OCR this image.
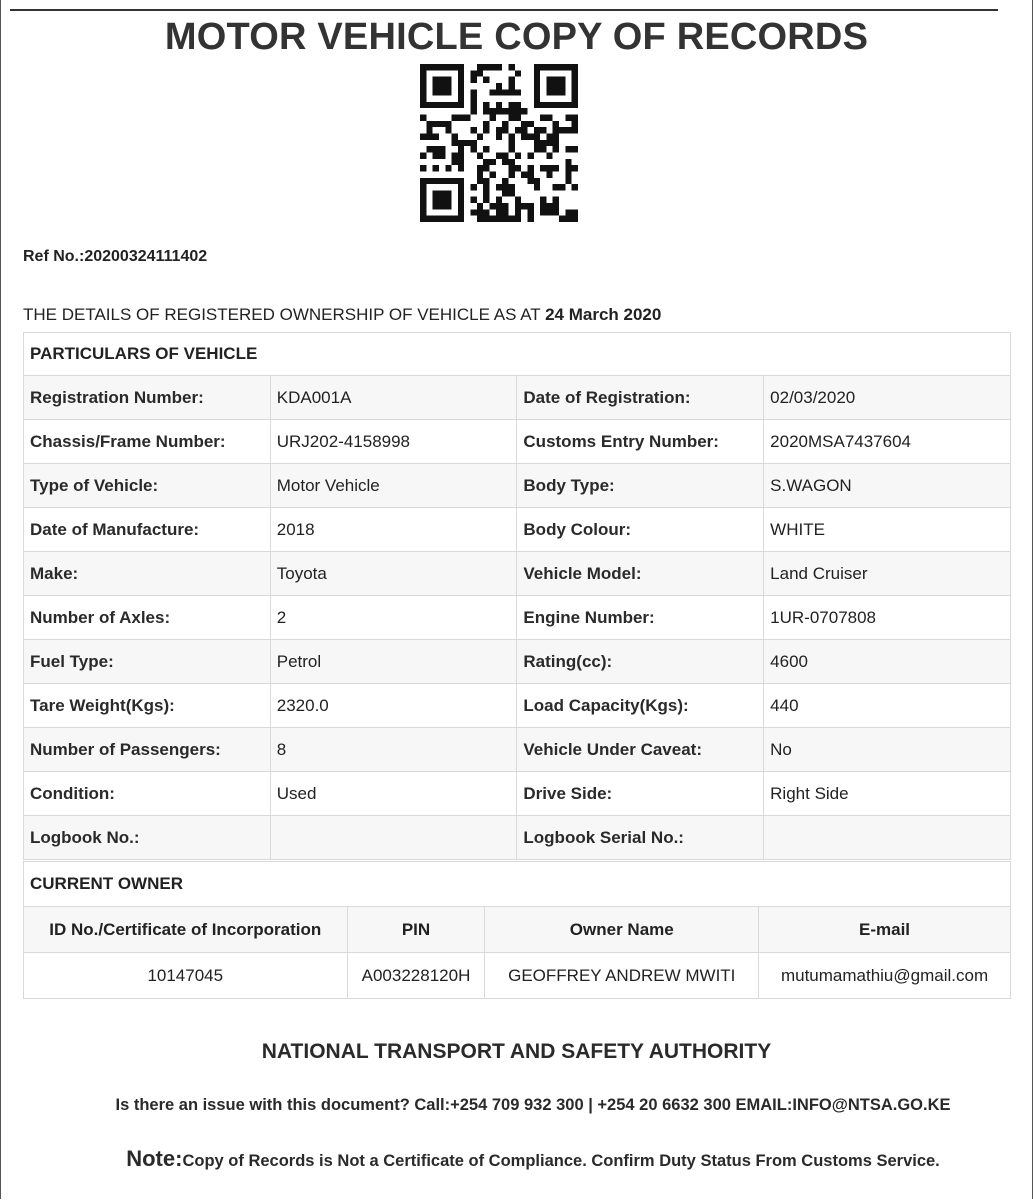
MOTOR VEHICLE COPY OF RECORDS
Ref No.:20200324111402
THE DETAILS OF REGISTERED OWNERSHIP OF VEHICLE AS AT 24 March 2020
PARTICULARS OF VEHICLE			
Registration Number:	KDA001A	Date of Registration:	02/03/2020
Chassis/Frame Number:	URJ202-4158998	Customs Entry Number:	2020MSA7437604
Type of Vehicle:	Motor Vehicle	Body Type:	S.WAGON
Date of Manufacture:	2018	Body Colour:	WHITE
Make:	Toyota	Vehicle Model:	Land Cruiser
Number of Axles:	2	Engine Number:	1UR-0707808
Fuel Type:	Petrol	Rating(cc):	4600
Tare Weight(Kgs):	2320.0	Load Capacity(Kgs):	440
Number of Passengers:	8	Vehicle Under Caveat:	No
Condition:	Used	Drive Side:	Right Side
Logbook No.:		Logbook Serial No.:	
CURRENT OWNER			
ID No./Certificate of Incorporation	PIN	Owner Name	E-mail
10147045	A003228120H	GEOFFREY ANDREW MWITI	mutumamathiu@gmail.com
NATIONAL TRANSPORT AND SAFETY AUTHORITY
Is there an issue with this document? Call:+254 709 932 300 | +254 20 6632 300 EMAIL:INFO@NTSA.GO.KE
Note:Copy of Records is Not a Certificate of Compliance. Confirm Duty Status From Customs Service.
